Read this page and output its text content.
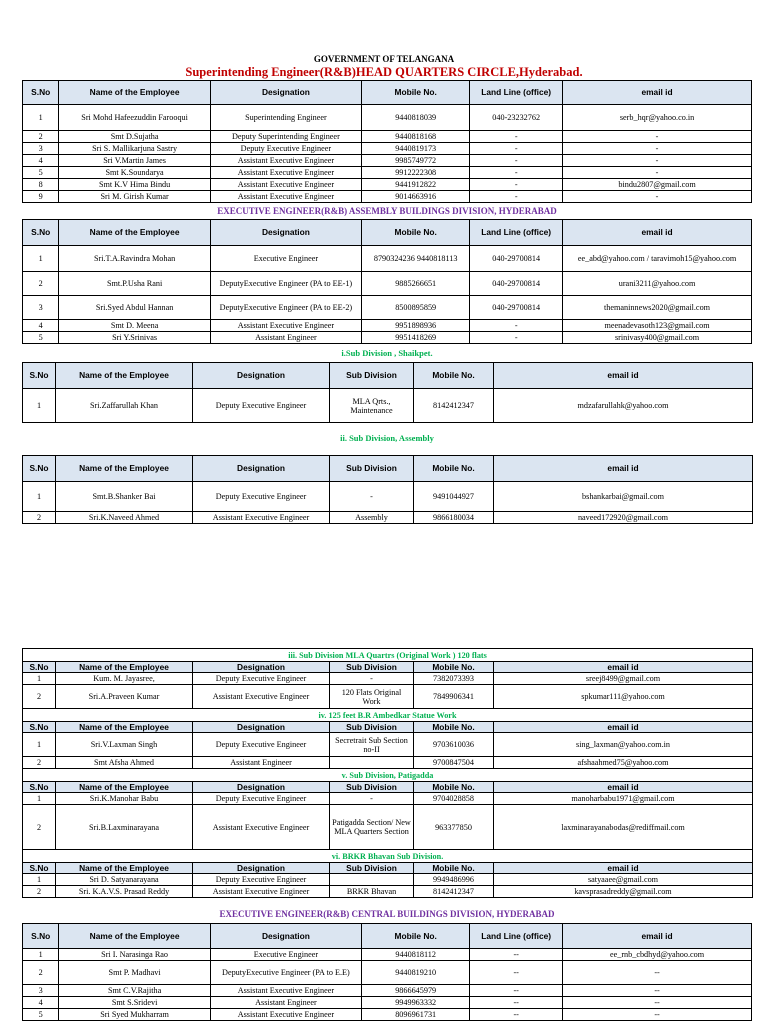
GOVERNMENT OF TELANGANA
Superintending Engineer(R&B)HEAD QUARTERS CIRCLE,Hyderabad.
S.No	Name of the Employee	Designation	Mobile No.	Land Line (office)	email id
1	Sri Mohd Hafeezuddin Farooqui	Superintending Engineer	9440818039	040-23232762	serb_hqr@yahoo.co.in
2	Smt D.Sujatha	Deputy Superintending Engineer	9440818168	-	-
3	Sri S. Mallikarjuna Sastry	Deputy Executive Engineer	9440819173	-	-
4	Sri V.Martin James	Assistant Executive Engineer	9985749772	-	-
5	Smt K.Soundarya	Assistant Executive Engineer	9912222308	-	-
8	Smt K.V Hima Bindu	Assistant Executive Engineer	9441912822	-	bindu2807@gmail.com
9	Sri M. Girish Kumar	Assistant Executive Engineer	9014663916	-	-
EXECUTIVE ENGINEER(R&B) ASSEMBLY BUILDINGS DIVISION, HYDERABAD
S.No	Name of the Employee	Designation	Mobile No.	Land Line (office)	email id
1	Sri.T.A.Ravindra Mohan	Executive Engineer	8790324236 9440818113	040-29700814	ee_abd@yahoo.com / taravimoh15@yahoo.com
2	Smt.P.Usha Rani	DeputyExecutive Engineer (PA to EE-1)	9885266651	040-29700814	urani3211@yahoo.com
3	Sri.Syed Abdul Hannan	DeputyExecutive Engineer (PA to EE-2)	8500895859	040-29700814	themaninnews2020@gmail.com
4	Smt D. Meena	Assistant Executive Engineer	9951898936	-	meenadevasoth123@gmail.com
5	Sri Y.Srinivas	Assistant Engineer	9951418269	-	srinivasy400@gmail.com
i.Sub Division , Shaikpet.
S.No	Name of the Employee	Designation	Sub Division	Mobile No.	email id
1	Sri.Zaffarullah Khan	Deputy Executive Engineer	MLA Qrts., Maintenance	8142412347	mdzafarullahk@yahoo.com
ii. Sub Division, Assembly
S.No	Name of the Employee	Designation	Sub Division	Mobile No.	email id
1	Smt.B.Shanker Bai	Deputy Executive Engineer	-	9491044927	bshankarbai@gmail.com
2	Sri.K.Naveed Ahmed	Assistant Executive Engineer	Assembly	9866180034	naveed172920@gmail.com
iii. Sub Division MLA Quartrs (Original Work ) 120 flats					
S.No	Name of the Employee	Designation	Sub Division	Mobile No.	email id
1	Kum. M. Jayasree,	Deputy Executive Engineer	-	7382073393	sreej8499@gmail.com
2	Sri.A.Praveen Kumar	Assistant Executive Engineer	120 Flats Original Work	7849906341	spkumar111@yahoo.com
iv. 125 feet B.R Ambedkar Statue Work					
S.No	Name of the Employee	Designation	Sub Division	Mobile No.	email id
1	Sri.V.Laxman Singh	Deputy Executive Engineer	Secretrait Sub Section no-II	9703610036	sing_laxman@yahoo.com.in
2	Smt Afsha Ahmed	Assistant Engineer		9700847504	afshaahmed75@yahoo.com
v. Sub Division, Patigadda					
S.No	Name of the Employee	Designation	Sub Division	Mobile No.	email id
1	Sri.K.Manohar Babu	Deputy Executive Engineer	-	9704028858	manoharbabu1971@gmail.com
2	Sri.B.Laxminarayana	Assistant Executive Engineer	Patigadda Section/ New MLA Quarters Section	963377850	laxminarayanabodas@rediffmail.com
vi. BRKR Bhavan Sub Division.					
S.No	Name of the Employee	Designation	Sub Division	Mobile No.	email id
1	Sri D. Satyanarayana	Deputy Executive Engineer		9949486996	satyaaee@gmail.com
2	Sri. K.A.V.S. Prasad Reddy	Assistant Executive Engineer	BRKR Bhavan	8142412347	kavsprasadreddy@gmail.com
EXECUTIVE ENGINEER(R&B) CENTRAL BUILDINGS DIVISION, HYDERABAD
S.No	Name of the Employee	Designation	Mobile No.	Land Line (office)	email id
1	Sri I. Narasinga Rao	Executive Engineer	9440818112	--	ee_rnb_cbdhyd@yahoo.com
2	Smt P. Madhavi	DeputyExecutive Engineer (PA to E.E)	9440819210	--	--
3	Smt C.V.Rajitha	Assistant Executive Engineer	9866645979	--	--
4	Smt S.Sridevi	Assistant Engineer	9949963332	--	--
5	Sri Syed Mukharram	Assistant Executive Engineer	8096961731	--	--
